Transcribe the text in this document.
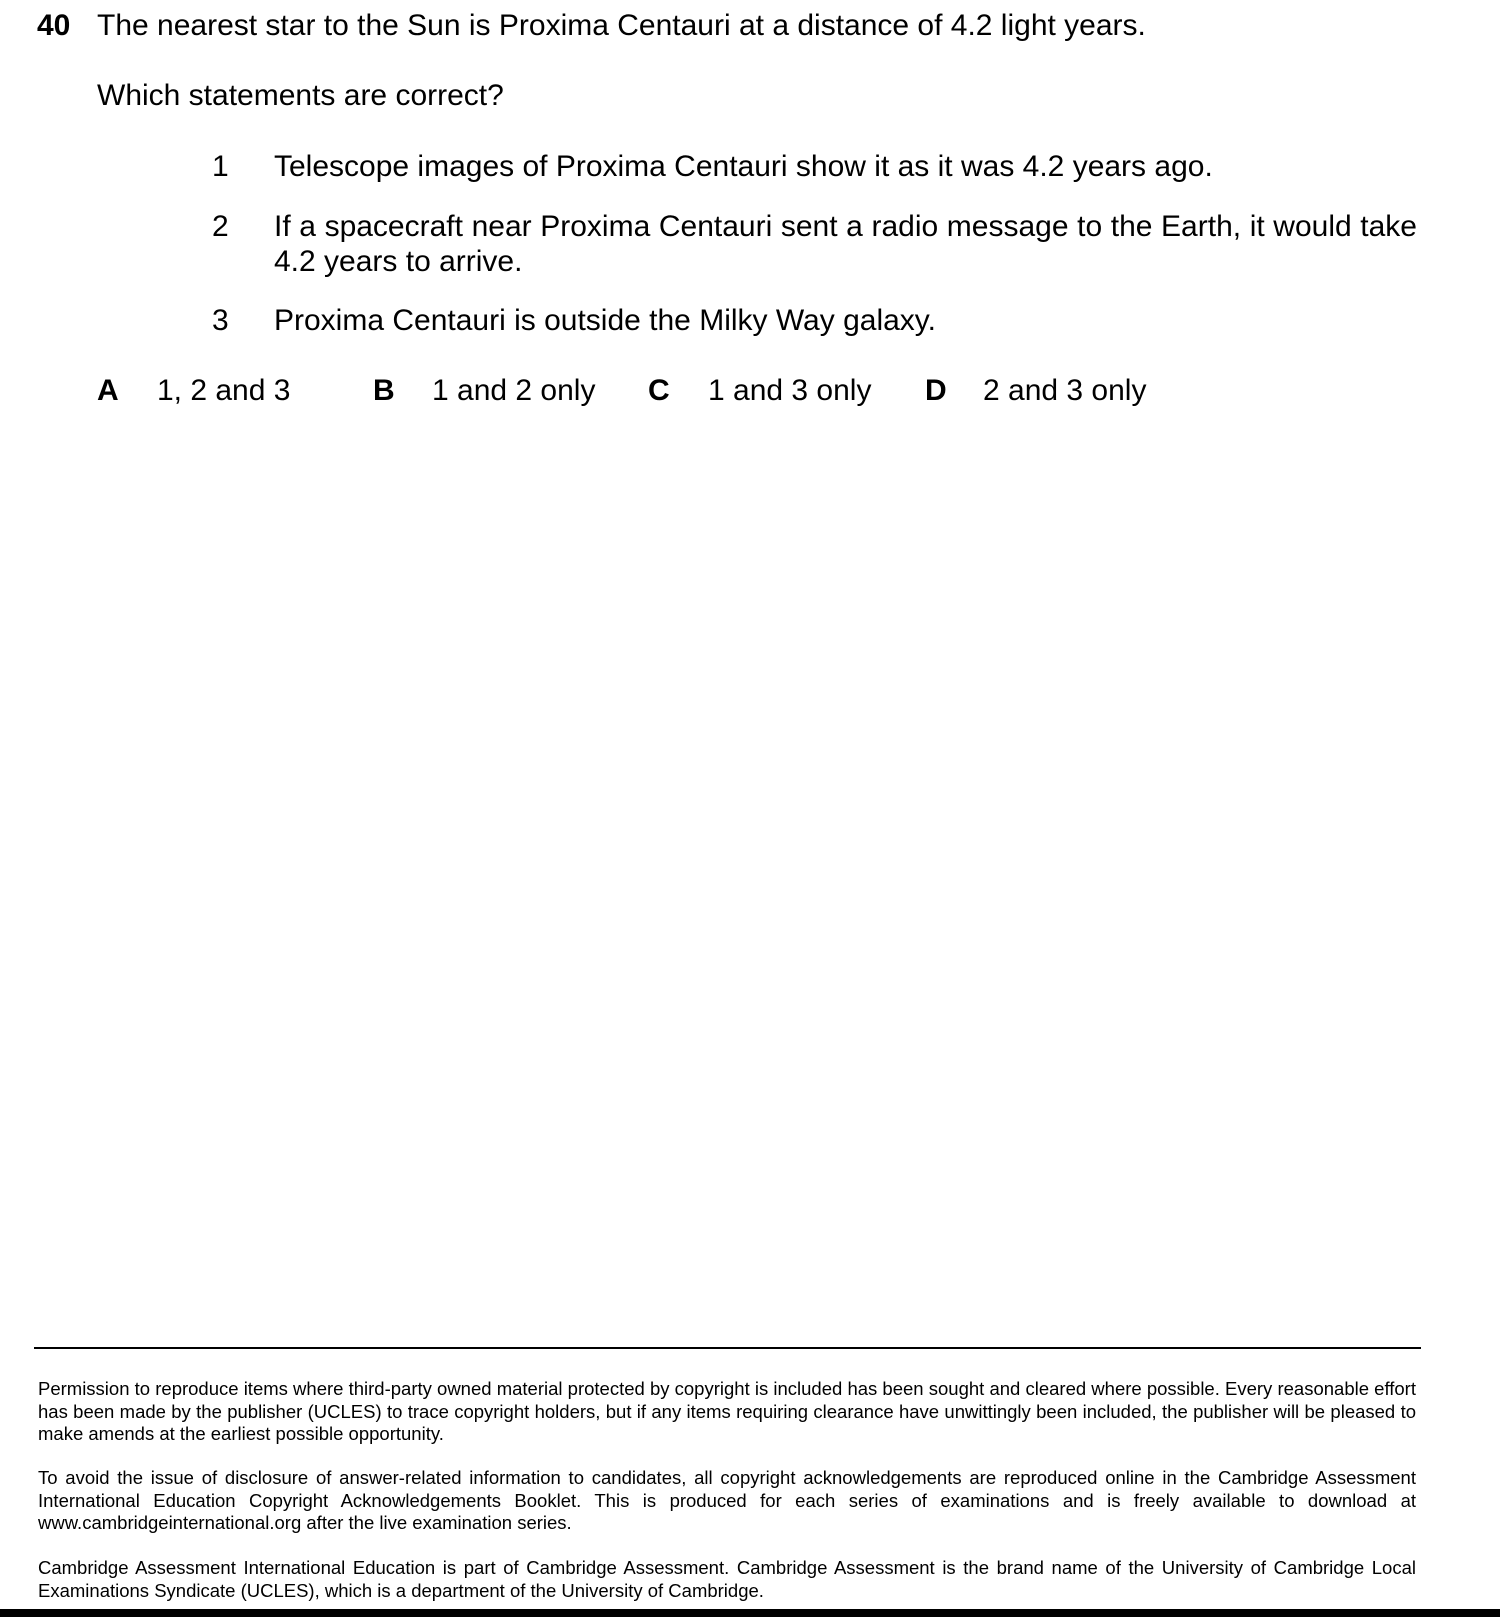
40 The nearest star to the Sun is Proxima Centauri at a distance of 4.2 light years.
Which statements are correct?
1 Telescope images of Proxima Centauri show it as it was 4.2 years ago.
2 If a spacecraft near Proxima Centauri sent a radio message to the Earth, it would take 4.2 years to arrive.
3 Proxima Centauri is outside the Milky Way galaxy.
A 1, 2 and 3	B 1 and 2 only C 1 and 3 only D 2 and 3 only
Permission to reproduce items where third-party owned material protected by copyright is included has been sought and cleared where possible. Every reasonable effort has been made by the publisher (UCLES) to trace copyright holders, but if any items requiring clearance have unwittingly been included, the publisher will be pleased to make amends at the earliest possible opportunity.
To avoid the issue of disclosure of answer-related information to candidates, all copyright acknowledgements are reproduced online in the Cambridge Assessment International Education Copyright Acknowledgements Booklet. This is produced for each series of examinations and is freely available to download at www.cambridgeinternational.org after the live examination series.
Cambridge Assessment International Education is part of Cambridge Assessment. Cambridge Assessment is the brand name of the University of Cambridge Local Examinations Syndicate (UCLES), which is a department of the University of Cambridge.
